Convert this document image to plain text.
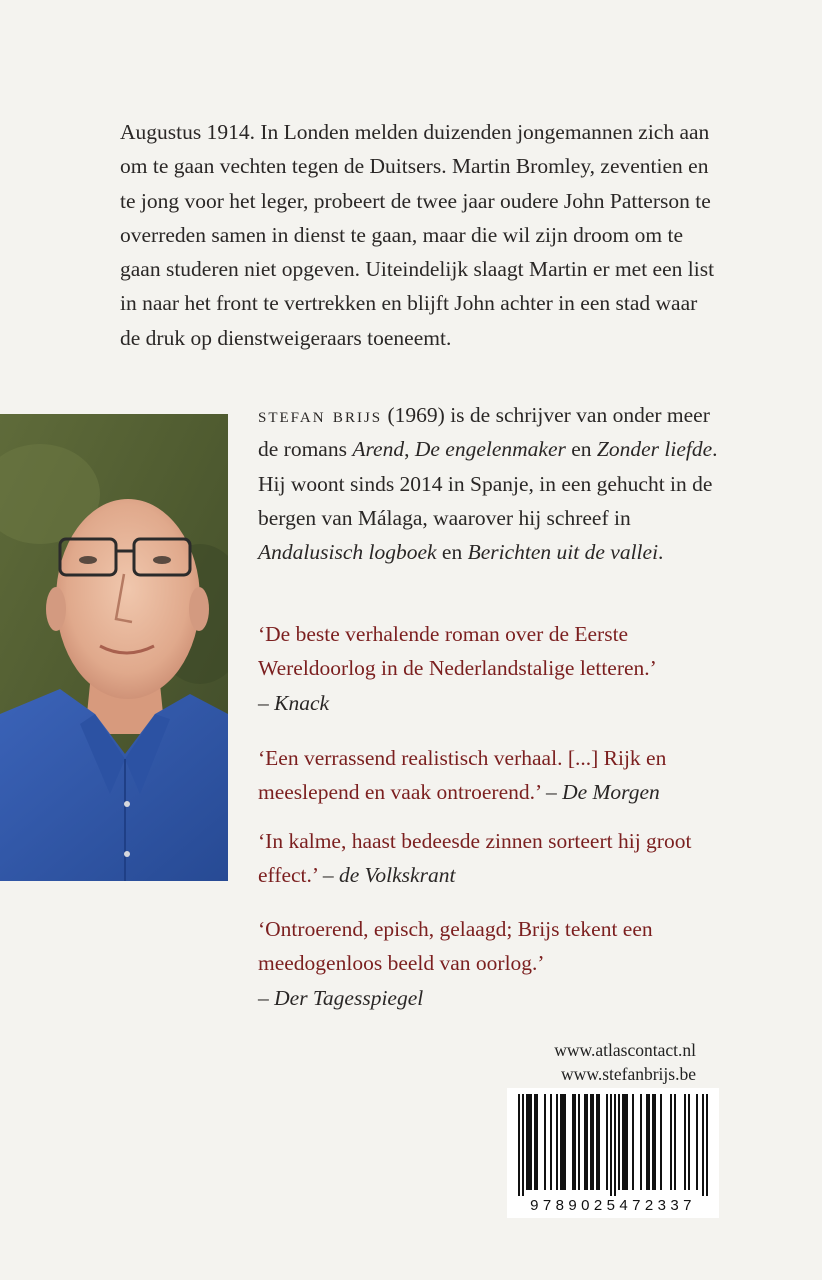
Augustus 1914. In Londen melden duizenden jongemannen zich aan om te gaan vechten tegen de Duitsers. Martin Bromley, zeventien en te jong voor het leger, probeert de twee jaar oudere John Patterson te overreden samen in dienst te gaan, maar die wil zijn droom om te gaan studeren niet opgeven. Uiteindelijk slaagt Martin er met een list in naar het front te vertrekken en blijft John achter in een stad waar de druk op dienstweigeraars toeneemt.

stefan brijs (1969) is de schrijver van onder meer de romans Arend, De engelenmaker en Zonder liefde. Hij woont sinds 2014 in Spanje, in een gehucht in de bergen van Málaga, waarover hij schreef in Andalusisch logboek en Berichten uit de vallei.

‘De beste verhalende roman over de Eerste Wereldoorlog in de Nederlandstalige letteren.’
– Knack

‘Een verrassend realistisch verhaal. [...] Rijk en meeslepend en vaak ontroerend.’ – De Morgen

‘In kalme, haast bedeesde zinnen sorteert hij groot effect.’ – de Volkskrant

‘Ontroerend, episch, gelaagd; Brijs tekent een meedogenloos beeld van oorlog.’
– Der Tagesspiegel

www.atlascontact.nl
www.stefanbrijs.be
9789025472337
